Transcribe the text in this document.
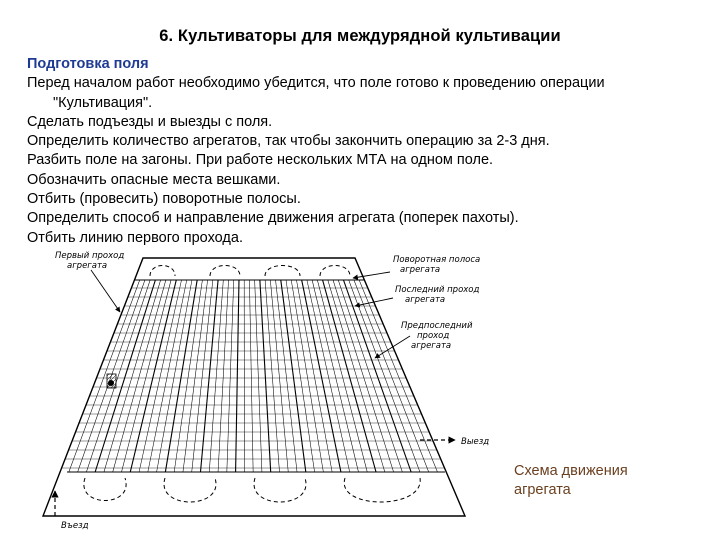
6. Культиваторы для междурядной культивации
Подготовка поля
Перед началом работ необходимо убедится, что поле готово к проведению операции
"Культивация".
Сделать подъезды и выезды с поля.
Определить количество агрегатов, так чтобы закончить операцию за 2-3 дня.
Разбить поле на загоны. При работе нескольких МТА на одном поле.
Обозначить опасные места вешками.
Отбить (провесить) поворотные полосы.
Определить способ и направление движения агрегата (поперек пахоты).
Отбить линию первого прохода.
Первый проход
агрегата
Поворотная полоса
агрегата
Последний проход
агрегата
Предпоследний
проход
агрегата
Выезд
Въезд
Схема движения агрегата
